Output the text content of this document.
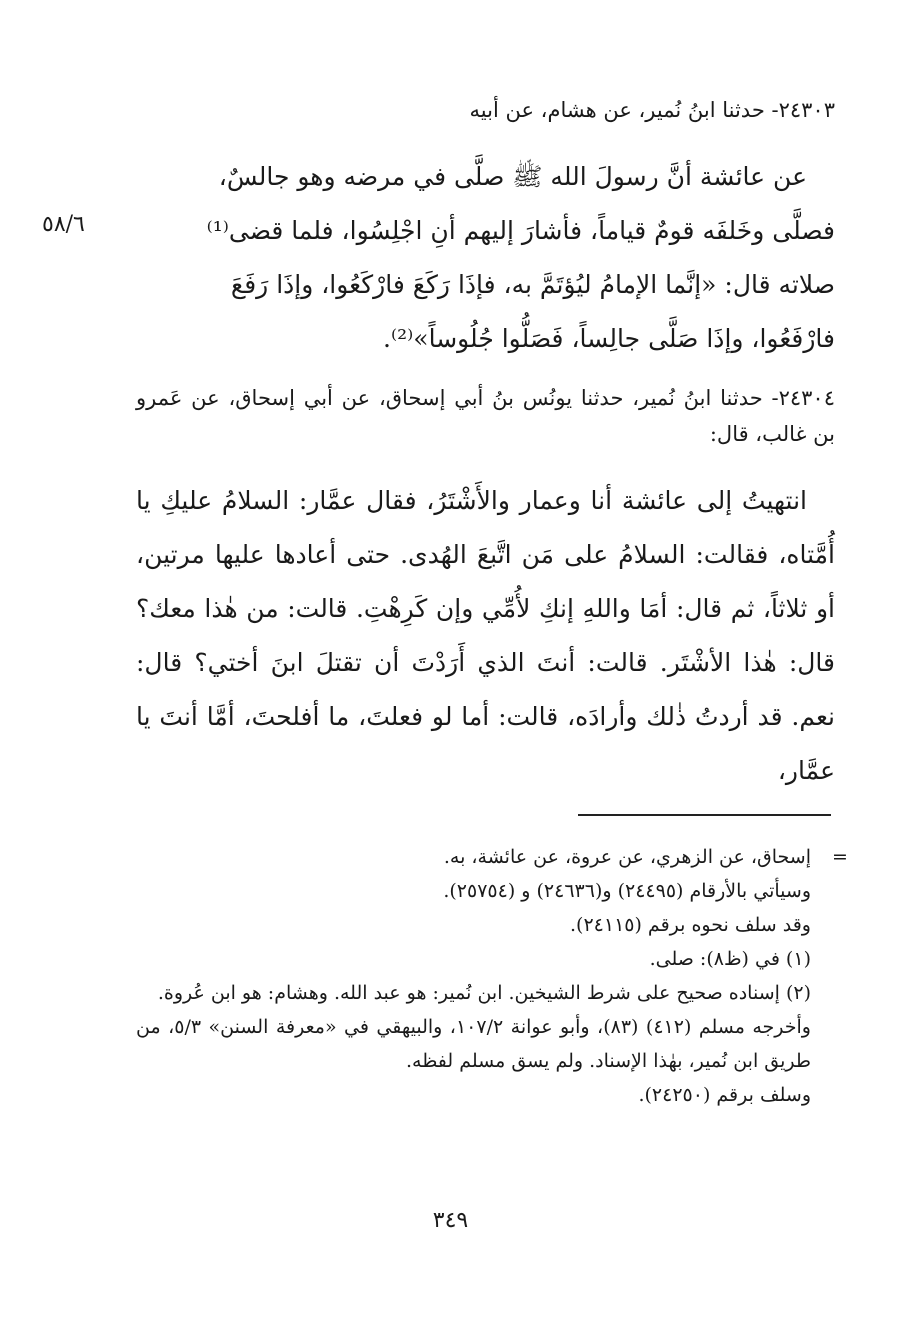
٢٤٣٠٣- حدثنا ابنُ نُمير، عن هشام، عن أبيه

عن عائشة أنَّ رسولَ الله ﷺ صلَّى في مرضه وهو جالسٌ،

فصلَّى وخَلفَه قومٌ قياماً، فأشارَ إليهم أنِ اجْلِسُوا، فلما قضى⁽¹⁾

صلاته قال: «إنَّما الإمامُ ليُؤتَمَّ به، فإذَا رَكَعَ فارْكَعُوا، وإذَا رَفَعَ

فارْفَعُوا، وإذَا صَلَّى جالِساً، فَصَلُّوا جُلُوساً»⁽²⁾.

٥٨/٦
٢٤٣٠٤- حدثنا ابنُ نُمير، حدثنا يونُس بنُ أبي إسحاق، عن أبي إسحاق، عن عَمرو بن غالب، قال:

انتهيتُ إلى عائشة أنا وعمار والأَشْتَرُ، فقال عمَّار: السلامُ عليكِ يا أُمَّتاه، فقالت: السلامُ على مَن اتَّبعَ الهُدى. حتى أعادها عليها مرتين، أو ثلاثاً، ثم قال: أمَا واللهِ إنكِ لأُمِّي وإن كَرِهْتِ. قالت: من هٰذا معك؟ قال: هٰذا الأشْتَر. قالت: أنتَ الذي أَرَدْتَ أن تقتلَ ابنَ أختي؟ قال: نعم. قد أردتُ ذٰلك وأرادَه، قالت: أما لو فعلتَ، ما أفلحتَ، أمَّا أنتَ يا عمَّار،

=

إسحاق، عن الزهري، عن عروة، عن عائشة، به.

وسيأتي بالأرقام (٢٤٤٩٥) و(٢٤٦٣٦) و (٢٥٧٥٤).

وقد سلف نحوه برقم (٢٤١١٥).

(١) في (ظ٨): صلى.

(٢) إسناده صحيح على شرط الشيخين. ابن نُمير: هو عبد الله. وهشام: هو ابن عُروة.

وأخرجه مسلم (٤١٢) (٨٣)، وأبو عوانة ١٠٧/٢، والبيهقي في «معرفة السنن» ٥/٣، من طريق ابن نُمير، بهٰذا الإسناد. ولم يسق مسلم لفظه.

وسلف برقم (٢٤٢٥٠).

٣٤٩
